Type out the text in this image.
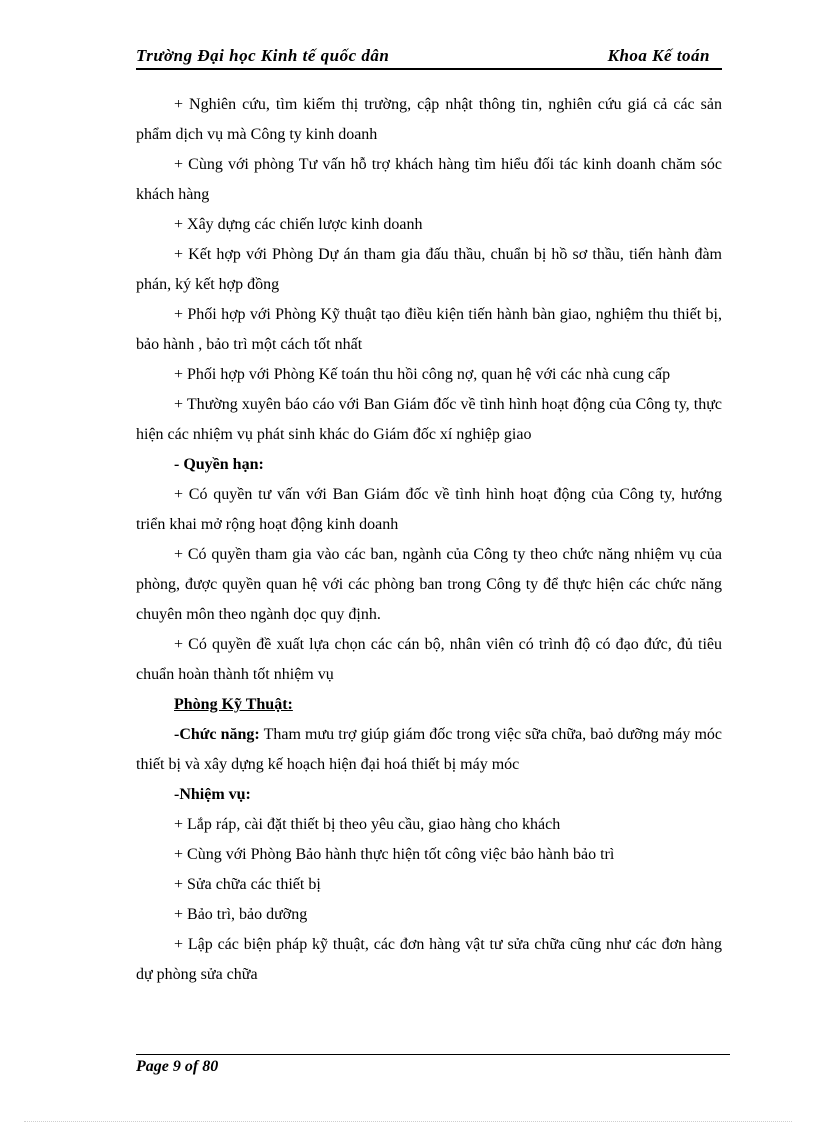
Trường Đại học Kinh tế quốc dân	Khoa Kế toán

+ Nghiên cứu, tìm kiếm thị trường, cập nhật thông tin, nghiên cứu giá cả các sản phẩm dịch vụ mà Công ty kinh doanh

+ Cùng với phòng Tư vấn hỗ trợ khách hàng tìm hiểu đối tác kinh doanh chăm sóc khách hàng

+ Xây dựng các chiến lược kinh doanh

+ Kết hợp với Phòng Dự án tham gia đấu thầu, chuẩn bị hồ sơ thầu, tiến hành đàm phán, ký kết hợp đồng

+ Phối hợp với Phòng Kỹ thuật tạo điều kiện tiến hành bàn giao, nghiệm thu thiết bị, bảo hành , bảo trì một cách tốt nhất

+ Phối hợp với Phòng Kế toán thu hồi công nợ, quan hệ với các nhà cung cấp

+ Thường xuyên báo cáo với Ban Giám đốc về tình hình hoạt động của Công ty, thực hiện các nhiệm vụ phát sinh khác do Giám đốc xí nghiệp giao

- Quyền hạn:

+ Có quyền tư vấn với Ban Giám đốc về tình hình hoạt động của Công ty, hướng triển khai mở rộng hoạt động kinh doanh

+ Có quyền tham gia vào các ban, ngành của Công ty theo chức năng nhiệm vụ của phòng, được quyền quan hệ với các phòng ban trong Công ty để thực hiện các chức năng chuyên môn theo ngành dọc quy định.

+ Có quyền đề xuất lựa chọn các cán bộ, nhân viên có trình độ có đạo đức, đủ tiêu chuẩn hoàn thành tốt nhiệm vụ

Phòng Kỹ Thuật:

-Chức năng: Tham mưu trợ giúp giám đốc trong việc sữa chữa, baỏ dưỡng máy móc thiết bị và xây dựng kế hoạch hiện đại hoá thiết bị máy móc

-Nhiệm vụ:

+ Lắp ráp, cài đặt thiết bị theo yêu cầu, giao hàng cho khách

+ Cùng với Phòng Bảo hành thực hiện tốt công việc bảo hành bảo trì

+ Sửa chữa các thiết bị

+ Bảo trì, bảo dưỡng

+ Lập các biện pháp kỹ thuật, các đơn hàng vật tư sửa chữa cũng như các đơn hàng dự phòng sửa chữa

Page 9 of 80
